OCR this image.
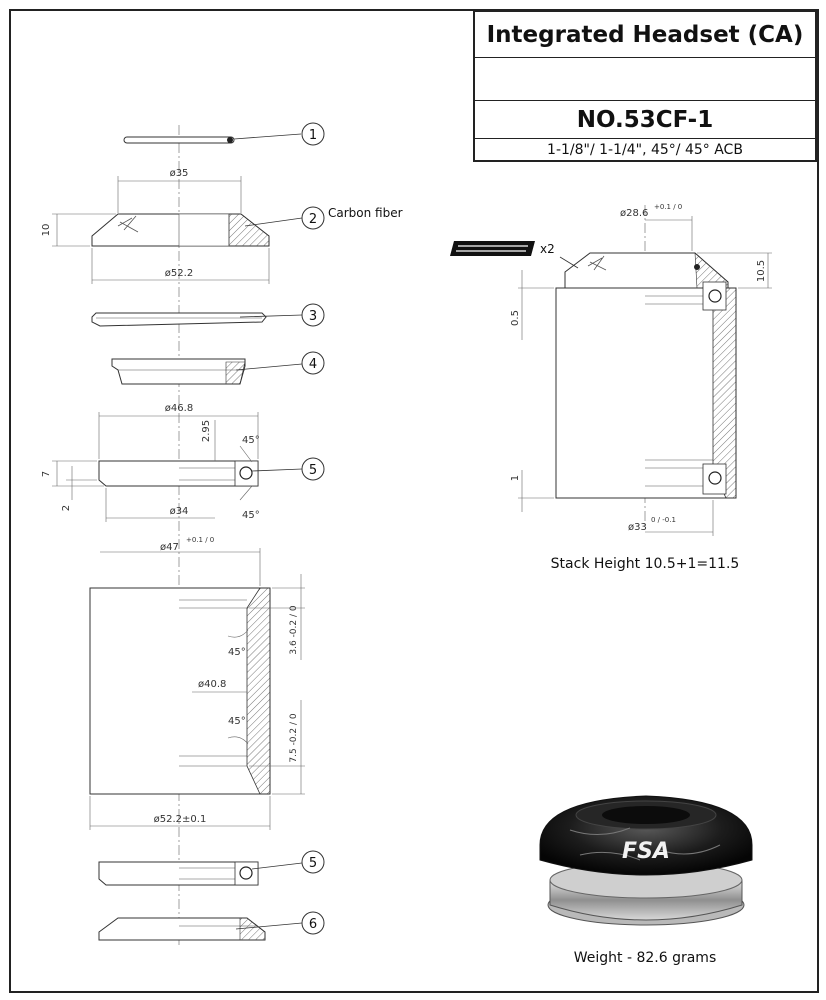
1
ø35
10
ø52.2
2 Carbon fiber
3
4
ø46.8
2.95	45°
45°
7
2	ø34
5
ø47
+0.1 / 0
3.6 -0.2 / 0
45°
ø40.8
45°	7.5 -0.2 / 0
ø52.2±0.1
5
6
ø28.6
+0.1 / 0
10.5
0.5
1
ø33
0 / -0.1
x2
Stack Height 10.5+1=11.5
FSA
Weight - 82.6 grams
Integrated Headset (CA)
NO.53CF-1
1-1/8"/ 1-1/4", 45°/ 45° ACB
